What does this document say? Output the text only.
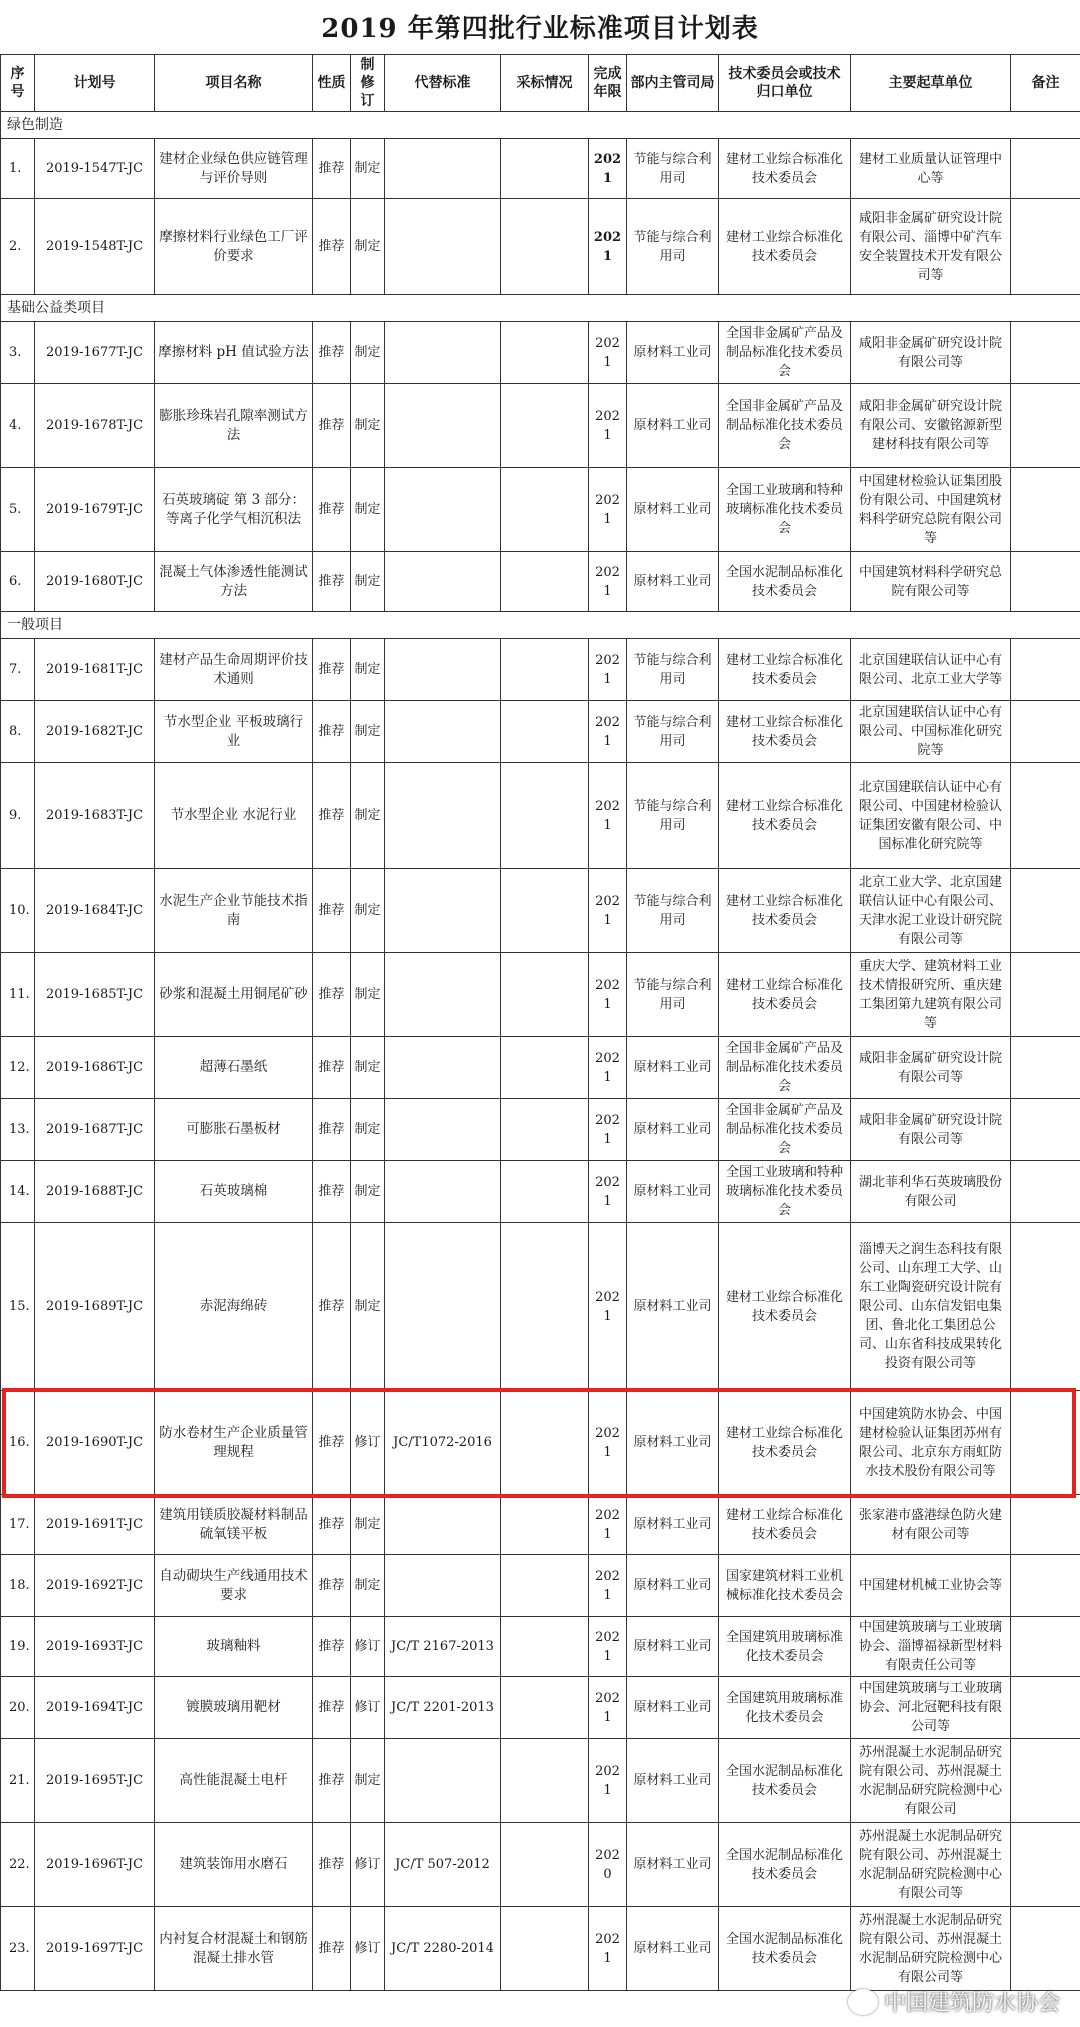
2019 年第四批行业标准项目计划表
序号	计划号	项目名称	性质	制修订	代替标准	采标情况	完成年限	部内主管司局	技术委员会或技术归口单位	主要起草单位	备注
绿色制造											
1.	2019-1547T-JC	建材企业绿色供应链管理与评价导则	推荐	制定			2021	节能与综合利用司	建材工业综合标准化技术委员会	建材工业质量认证管理中心等	
2.	2019-1548T-JC	摩擦材料行业绿色工厂评价要求	推荐	制定			2021	节能与综合利用司	建材工业综合标准化技术委员会	咸阳非金属矿研究设计院有限公司、淄博中矿汽车安全装置技术开发有限公司等	
基础公益类项目											
3.	2019-1677T-JC	摩擦材料 pH 值试验方法	推荐	制定			2021	原材料工业司	全国非金属矿产品及制品标准化技术委员会	咸阳非金属矿研究设计院有限公司等	
4.	2019-1678T-JC	膨胀珍珠岩孔隙率测试方法	推荐	制定			2021	原材料工业司	全国非金属矿产品及制品标准化技术委员会	咸阳非金属矿研究设计院有限公司、安徽铭源新型建材科技有限公司等	
5.	2019-1679T-JC	石英玻璃碇 第 3 部分：等离子化学气相沉积法	推荐	制定			2021	原材料工业司	全国工业玻璃和特种玻璃标准化技术委员会	中国建材检验认证集团股份有限公司、中国建筑材料科学研究总院有限公司等	
6.	2019-1680T-JC	混凝土气体渗透性能测试方法	推荐	制定			2021	原材料工业司	全国水泥制品标准化技术委员会	中国建筑材料科学研究总院有限公司等	
一般项目											
7.	2019-1681T-JC	建材产品生命周期评价技术通则	推荐	制定			2021	节能与综合利用司	建材工业综合标准化技术委员会	北京国建联信认证中心有限公司、北京工业大学等	
8.	2019-1682T-JC	节水型企业 平板玻璃行业	推荐	制定			2021	节能与综合利用司	建材工业综合标准化技术委员会	北京国建联信认证中心有限公司、中国标准化研究院等	
9.	2019-1683T-JC	节水型企业 水泥行业	推荐	制定			2021	节能与综合利用司	建材工业综合标准化技术委员会	北京国建联信认证中心有限公司、中国建材检验认证集团安徽有限公司、中国标准化研究院等	
10.	2019-1684T-JC	水泥生产企业节能技术指南	推荐	制定			2021	节能与综合利用司	建材工业综合标准化技术委员会	北京工业大学、北京国建联信认证中心有限公司、天津水泥工业设计研究院有限公司等	
11.	2019-1685T-JC	砂浆和混凝土用铜尾矿砂	推荐	制定			2021	节能与综合利用司	建材工业综合标准化技术委员会	重庆大学、建筑材料工业技术情报研究所、重庆建工集团第九建筑有限公司等	
12.	2019-1686T-JC	超薄石墨纸	推荐	制定			2021	原材料工业司	全国非金属矿产品及制品标准化技术委员会	咸阳非金属矿研究设计院有限公司等	
13.	2019-1687T-JC	可膨胀石墨板材	推荐	制定			2021	原材料工业司	全国非金属矿产品及制品标准化技术委员会	咸阳非金属矿研究设计院有限公司等	
14.	2019-1688T-JC	石英玻璃棉	推荐	制定			2021	原材料工业司	全国工业玻璃和特种玻璃标准化技术委员会	湖北菲利华石英玻璃股份有限公司	
15.	2019-1689T-JC	赤泥海绵砖	推荐	制定			2021	原材料工业司	建材工业综合标准化技术委员会	淄博天之润生态科技有限公司、山东理工大学、山东工业陶瓷研究设计院有限公司、山东信发铝电集团、鲁北化工集团总公司、山东省科技成果转化投资有限公司等	
16.	2019-1690T-JC	防水卷材生产企业质量管理规程	推荐	修订	JC/T1072-2016		2021	原材料工业司	建材工业综合标准化技术委员会	中国建筑防水协会、中国建材检验认证集团苏州有限公司、北京东方雨虹防水技术股份有限公司等	
17.	2019-1691T-JC	建筑用镁质胶凝材料制品 硫氧镁平板	推荐	制定			2021	原材料工业司	建材工业综合标准化技术委员会	张家港市盛港绿色防火建材有限公司等	
18.	2019-1692T-JC	自动砌块生产线通用技术要求	推荐	制定			2021	原材料工业司	国家建筑材料工业机械标准化技术委员会	中国建材机械工业协会等	
19.	2019-1693T-JC	玻璃釉料	推荐	修订	JC/T 2167-2013		2021	原材料工业司	全国建筑用玻璃标准化技术委员会	中国建筑玻璃与工业玻璃协会、淄博福禄新型材料有限责任公司等	
20.	2019-1694T-JC	镀膜玻璃用靶材	推荐	修订	JC/T 2201-2013		2021	原材料工业司	全国建筑用玻璃标准化技术委员会	中国建筑玻璃与工业玻璃协会、河北冠靶科技有限公司等	
21.	2019-1695T-JC	高性能混凝土电杆	推荐	制定			2021	原材料工业司	全国水泥制品标准化技术委员会	苏州混凝土水泥制品研究院有限公司、苏州混凝土水泥制品研究院检测中心有限公司	
22.	2019-1696T-JC	建筑装饰用水磨石	推荐	修订	JC/T 507-2012		2020	原材料工业司	全国水泥制品标准化技术委员会	苏州混凝土水泥制品研究院有限公司、苏州混凝土水泥制品研究院检测中心有限公司等	
23.	2019-1697T-JC	内衬复合材混凝土和钢筋混凝土排水管	推荐	修订	JC/T 2280-2014		2021	原材料工业司	全国水泥制品标准化技术委员会	苏州混凝土水泥制品研究院有限公司、苏州混凝土水泥制品研究院检测中心有限公司等	
中国建筑防水协会
